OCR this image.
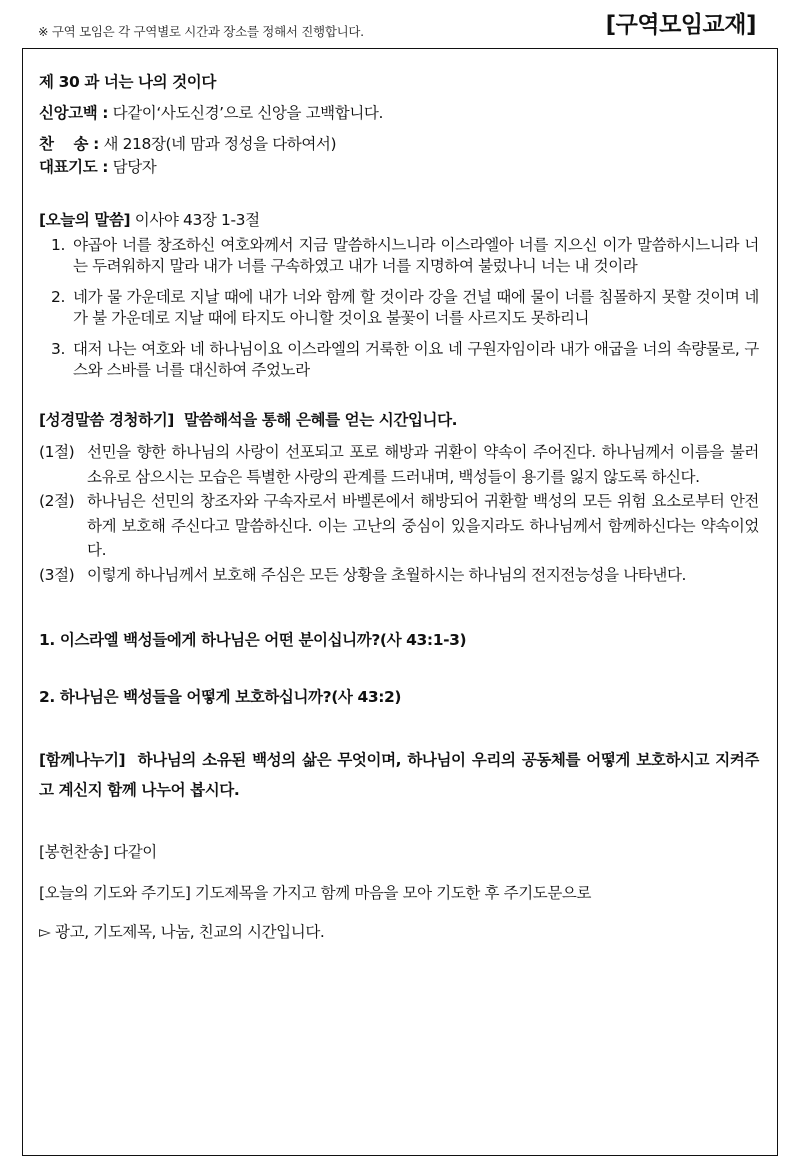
※ 구역 모임은 각 구역별로 시간과 장소를 정해서 진행합니다.	[구역모임교재]
제 30 과 너는 나의 것이다
신앙고백 : 다같이‘사도신경’으로 신앙을 고백합니다.
찬    송 : 새 218장(네 맘과 정성을 다하여서)
대표기도 : 담당자
[오늘의 말씀] 이사야 43장 1-3절
1. 야곱아 너를 창조하신 여호와께서 지금 말씀하시느니라 이스라엘아 너를 지으신 이가 말씀하시느니라 너는 두려워하지 말라 내가 너를 구속하였고 내가 너를 지명하여 불렀나니 너는 내 것이라
2. 네가 물 가운데로 지날 때에 내가 너와 함께 할 것이라 강을 건널 때에 물이 너를 침몰하지 못할 것이며 네가 불 가운데로 지날 때에 타지도 아니할 것이요 불꽃이 너를 사르지도 못하리니
3. 대저 나는 여호와 네 하나님이요 이스라엘의 거룩한 이요 네 구원자임이라 내가 애굽을 너의 속량물로, 구스와 스바를 너를 대신하여 주었노라
[성경말씀 경청하기] 말씀해석을 통해 은혜를 얻는 시간입니다.
(1절) 선민을 향한 하나님의 사랑이 선포되고 포로 해방과 귀환이 약속이 주어진다. 하나님께서 이름을 불러 소유로 삼으시는 모습은 특별한 사랑의 관계를 드러내며, 백성들이 용기를 잃지 않도록 하신다.
(2절) 하나님은 선민의 창조자와 구속자로서 바벨론에서 해방되어 귀환할 백성의 모든 위험 요소로부터 안전하게 보호해 주신다고 말씀하신다. 이는 고난의 중심이 있을지라도 하나님께서 함께하신다는 약속이었다.
(3절) 이렇게 하나님께서 보호해 주심은 모든 상황을 초월하시는 하나님의 전지전능성을 나타낸다.
1. 이스라엘 백성들에게 하나님은 어떤 분이십니까?(사 43:1-3)
2. 하나님은 백성들을 어떻게 보호하십니까?(사 43:2)
[함께나누기]  하나님의 소유된 백성의 삶은 무엇이며, 하나님이 우리의 공동체를 어떻게 보호하시고 지켜주고 계신지 함께 나누어 봅시다.
[봉헌찬송] 다같이
[오늘의 기도와 주기도] 기도제목을 가지고 함께 마음을 모아 기도한 후 주기도문으로
▻ 광고, 기도제목, 나눔, 친교의 시간입니다.
